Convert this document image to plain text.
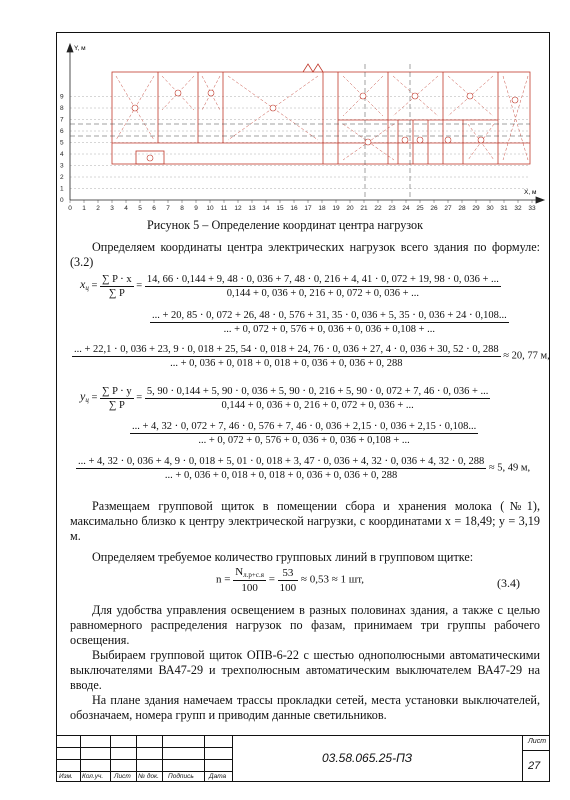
Y, м
X, м
0
1
2
3
4
5
6
7
8
9
0 1 2 3 4 5 6 7 8 9 10 11 12 13 14 15 16 17 18 19 20 21 22 23 24 25 26 27 28 29 30 31 32 33
Рисунок 5 – Определение координат центра нагрузок
Определяем координаты центра электрических нагрузок всего здания по формуле: (3.2)
$x_ц = \frac{\sum P \cdot x}{\sum P}$ =
14, 66 ⋅ 0,144 + 9, 48 ⋅ 0, 036 + 7, 48 ⋅ 0, 216 + 4, 41 ⋅ 0, 072 + 19, 98 ⋅ 0, 036 + ...
0,144 + 0, 036 + 0, 216 + 0, 072 + 0, 036 + ...
... + 20, 85 ⋅ 0, 072 + 26, 48 ⋅ 0, 576 + 31, 35 ⋅ 0, 036 + 5, 35 ⋅ 0, 036 + 24 ⋅ 0,108...
... + 0, 072 + 0, 576 + 0, 036 + 0, 036 + 0,108 + ...
... + 22,1 ⋅ 0, 036 + 23, 9 ⋅ 0, 018 + 25, 54 ⋅ 0, 018 + 24, 76 ⋅ 0, 036 + 27, 4 ⋅ 0, 036 + 30, 52 ⋅ 0, 288
... + 0, 036 + 0, 018 + 0, 018 + 0, 036 + 0, 036 + 0, 288
≈ 20, 77 м,
$y_ц = \frac{\sum P \cdot y}{\sum P}$ =
5, 90 ⋅ 0,144 + 5, 90 ⋅ 0, 036 + 5, 90 ⋅ 0, 216 + 5, 90 ⋅ 0, 072 + 7, 46 ⋅ 0, 036 + ...
0,144 + 0, 036 + 0, 216 + 0, 072 + 0, 036 + ...
... + 4, 32 ⋅ 0, 072 + 7, 46 ⋅ 0, 576 + 7, 46 ⋅ 0, 036 + 2,15 ⋅ 0, 036 + 2,15 ⋅ 0,108...
... + 0, 072 + 0, 576 + 0, 036 + 0, 036 + 0,108 + ...
... + 4, 32 ⋅ 0, 036 + 4, 9 ⋅ 0, 018 + 5, 01 ⋅ 0, 018 + 3, 47 ⋅ 0, 036 + 4, 32 ⋅ 0, 036 + 4, 32 ⋅ 0, 288
... + 0, 036 + 0, 018 + 0, 018 + 0, 036 + 0, 036 + 0, 288
≈ 5, 49 м,
Размещаем групповой щиток в помещении сбора и хранения молока (№1), максимально близко к центру электрической нагрузки, с координатами x = 18,49; y = 3,19 м.
Определяем требуемое количество групповых линий в групповом щитке:
$n = \frac{N_{л.р+с.я}}{100} = \frac{53}{100} \approx 0,53 \approx 1$ шт,	(3.4)
Для удобства управления освещением в разных половинах здания, а также с целью равномерного распределения нагрузок по фазам, принимаем три группы рабочего освещения.
Выбираем групповой щиток ОПВ-6-22 с шестью однополюсными автоматическими выключателями ВА47-29 и трехполюсным автоматическим выключателем ВА47-29 на вводе.
На плане здания намечаем трассы прокладки сетей, места установки выключателей, обозначаем, номера групп и приводим данные светильников.
Изм. Кол.уч. Лист № док. Подпись Дата
03.58.065.25-ПЗ
Лист
27
